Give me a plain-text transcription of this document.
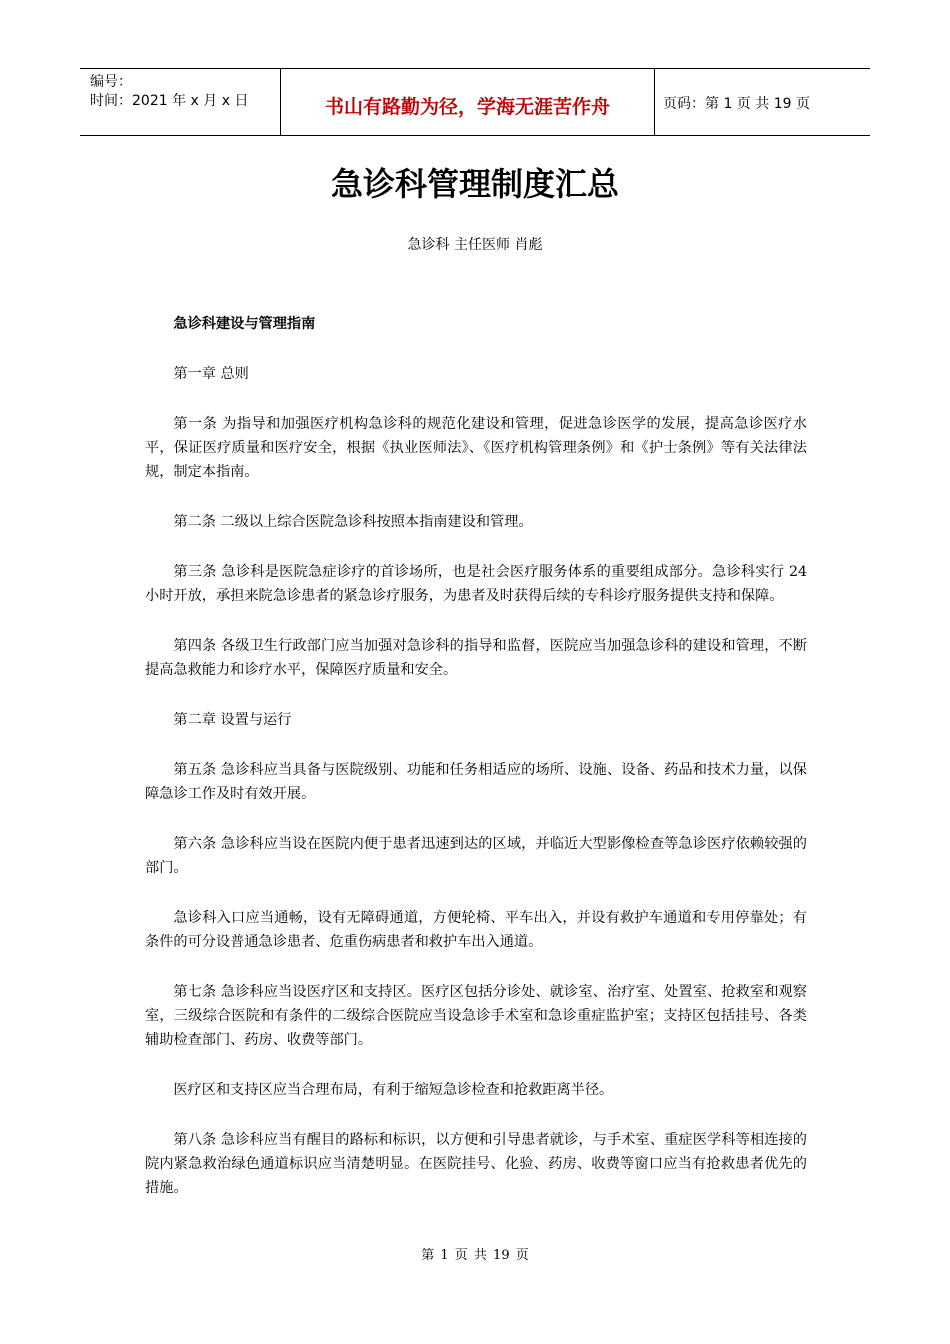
编号：
时间：2021 年 x 月 x 日	书山有路勤为径，学海无涯苦作舟	页码：第 1 页 共 19 页
急诊科管理制度汇总
急诊科 主任医师 肖彪

急诊科建设与管理指南

第一章 总则

第一条 为指导和加强医疗机构急诊科的规范化建设和管理，促进急诊医学的发展，提高急诊医疗水平，保证医疗质量和医疗安全，根据《执业医师法》、《医疗机构管理条例》和《护士条例》等有关法律法规，制定本指南。

第二条 二级以上综合医院急诊科按照本指南建设和管理。

第三条 急诊科是医院急症诊疗的首诊场所，也是社会医疗服务体系的重要组成部分。急诊科实行 24 小时开放，承担来院急诊患者的紧急诊疗服务，为患者及时获得后续的专科诊疗服务提供支持和保障。

第四条 各级卫生行政部门应当加强对急诊科的指导和监督，医院应当加强急诊科的建设和管理，不断提高急救能力和诊疗水平，保障医疗质量和安全。

第二章 设置与运行

第五条 急诊科应当具备与医院级别、功能和任务相适应的场所、设施、设备、药品和技术力量，以保障急诊工作及时有效开展。

第六条 急诊科应当设在医院内便于患者迅速到达的区域，并临近大型影像检查等急诊医疗依赖较强的部门。

急诊科入口应当通畅，设有无障碍通道，方便轮椅、平车出入，并设有救护车通道和专用停靠处；有条件的可分设普通急诊患者、危重伤病患者和救护车出入通道。

第七条 急诊科应当设医疗区和支持区。医疗区包括分诊处、就诊室、治疗室、处置室、抢救室和观察室，三级综合医院和有条件的二级综合医院应当设急诊手术室和急诊重症监护室；支持区包括挂号、各类辅助检查部门、药房、收费等部门。

医疗区和支持区应当合理布局，有利于缩短急诊检查和抢救距离半径。

第八条 急诊科应当有醒目的路标和标识，以方便和引导患者就诊，与手术室、重症医学科等相连接的院内紧急救治绿色通道标识应当清楚明显。在医院挂号、化验、药房、收费等窗口应当有抢救患者优先的措施。

第 1 页 共 19 页
